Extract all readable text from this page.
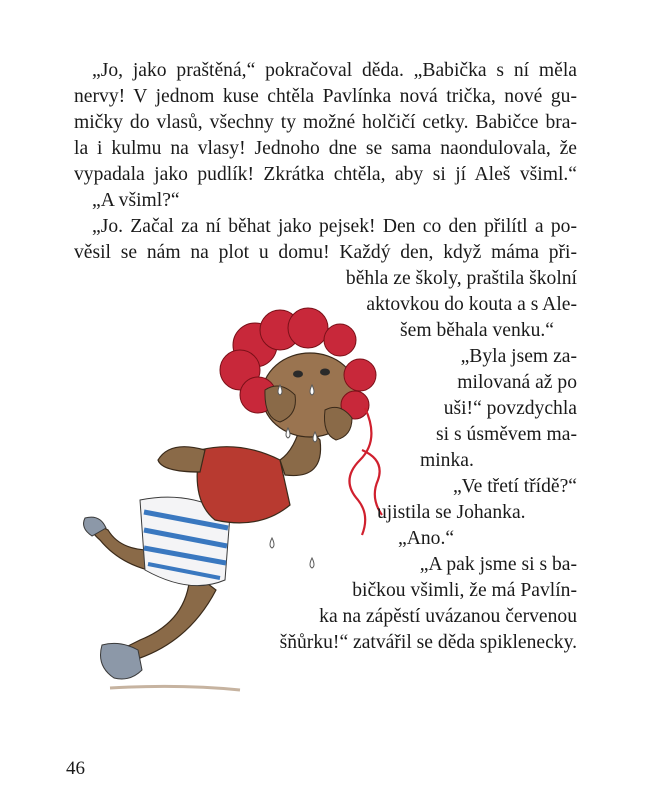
„Jo, jako praštěná,“ pokračoval děda. „Babička s ní měla
nervy! V jednom kuse chtěla Pavlínka nová trička, nové gu-
mičky do vlasů, všechny ty možné holčičí cetky. Babičce bra-
la i kulmu na vlasy! Jednoho dne se sama naondulovala, že
vypadala jako pudlík! Zkrátka chtěla, aby si jí Aleš všiml.“
„A všiml?“
„Jo. Začal za ní běhat jako pejsek! Den co den přilítl a po-
věsil se nám na plot u domu! Každý den, když máma při-
běhla ze školy, praštila školní
aktovkou do kouta a s Ale-
šem běhala venku.“
„Byla jsem za-
milovaná až po
uši!“ povzdychla
si s úsměvem ma-
minka.
„Ve třetí třídě?“
ujistila se Johanka.
„Ano.“
„A pak jsme si s ba-
bičkou všimli, že má Pavlín-
ka na zápěstí uvázanou červenou
šňůrku!“ zatvářil se děda spiklenecky.
46
